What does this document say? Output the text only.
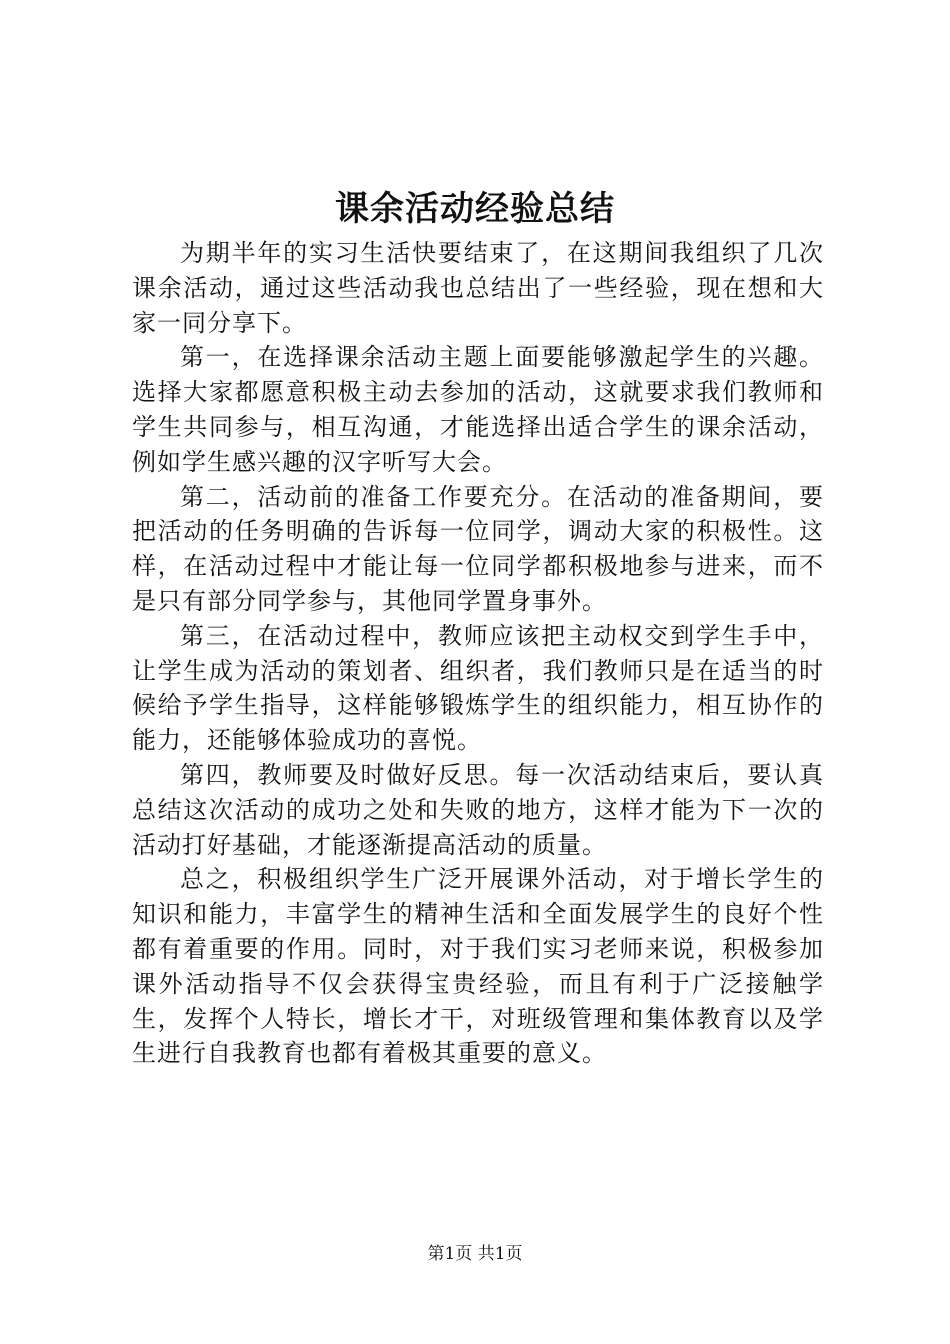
课余活动经验总结

为期半年的实习生活快要结束了，在这期间我组织了几次课余活动，通过这些活动我也总结出了一些经验，现在想和大家一同分享下。

第一，在选择课余活动主题上面要能够激起学生的兴趣。选择大家都愿意积极主动去参加的活动，这就要求我们教师和学生共同参与，相互沟通，才能选择出适合学生的课余活动，例如学生感兴趣的汉字听写大会。

第二，活动前的准备工作要充分。在活动的准备期间，要把活动的任务明确的告诉每一位同学，调动大家的积极性。这样，在活动过程中才能让每一位同学都积极地参与进来，而不是只有部分同学参与，其他同学置身事外。

第三，在活动过程中，教师应该把主动权交到学生手中，让学生成为活动的策划者、组织者，我们教师只是在适当的时候给予学生指导，这样能够锻炼学生的组织能力，相互协作的能力，还能够体验成功的喜悦。

第四，教师要及时做好反思。每一次活动结束后，要认真总结这次活动的成功之处和失败的地方，这样才能为下一次的活动打好基础，才能逐渐提高活动的质量。

总之，积极组织学生广泛开展课外活动，对于增长学生的知识和能力，丰富学生的精神生活和全面发展学生的良好个性都有着重要的作用。同时，对于我们实习老师来说，积极参加课外活动指导不仅会获得宝贵经验，而且有利于广泛接触学生，发挥个人特长，增长才干，对班级管理和集体教育以及学生进行自我教育也都有着极其重要的意义。

第1页 共1页
